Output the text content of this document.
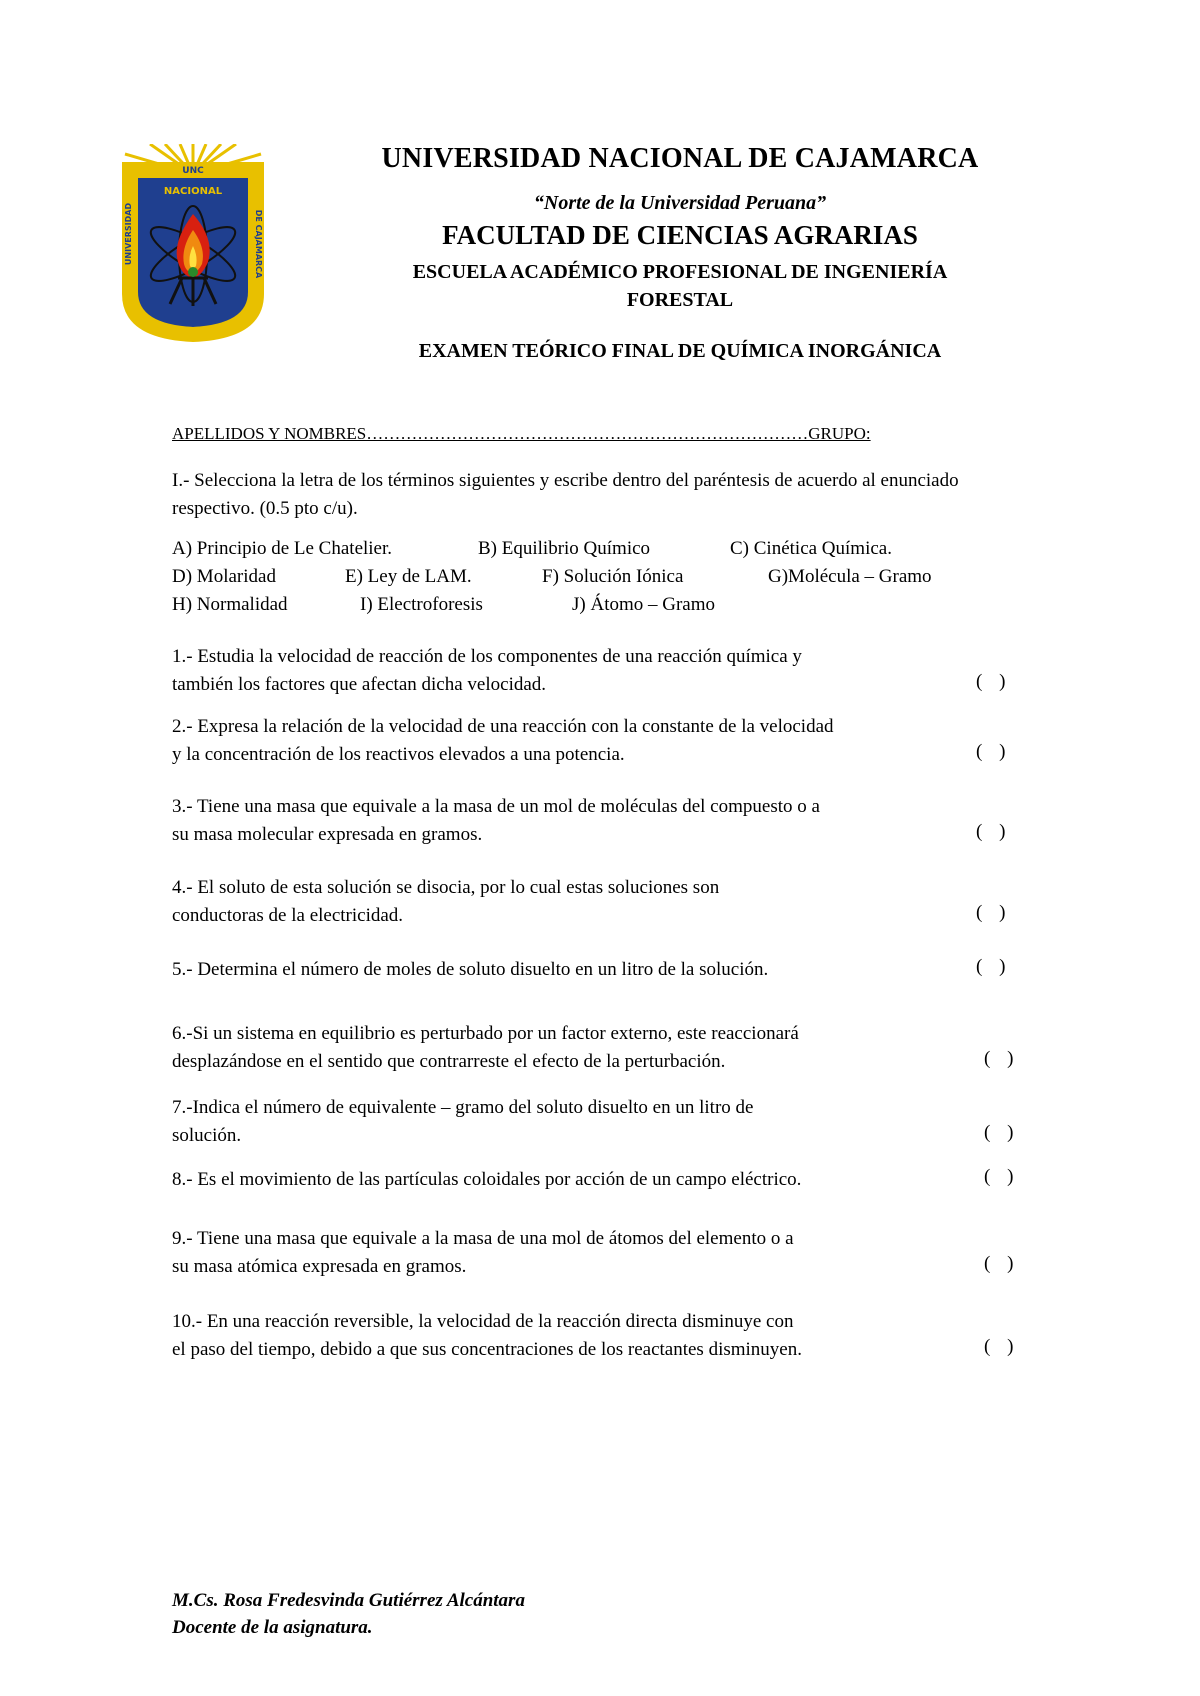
UNC
NACIONAL
UNIVERSIDAD	DE CAJAMARCA
UNIVERSIDAD NACIONAL DE CAJAMARCA
“Norte de la Universidad Peruana”
FACULTAD DE CIENCIAS AGRARIAS
ESCUELA ACADÉMICO PROFESIONAL DE INGENIERÍA
FORESTAL
EXAMEN TEÓRICO FINAL DE QUÍMICA INORGÁNICA
APELLIDOS Y NOMBRES……………………………………………………………………GRUPO:
I.- Selecciona la letra de los términos siguientes y escribe dentro del paréntesis de acuerdo al enunciado
respectivo. (0.5 pto c/u).
A) Principio de Le Chatelier.	B) Equilibrio Químico	C) Cinética Química.
D) Molaridad	E) Ley de LAM.	F) Solución Iónica	G)Molécula – Gramo
H) Normalidad	I) Electroforesis	J) Átomo – Gramo
1.- Estudia la velocidad de reacción de los componentes de una reacción química y
también los factores que afectan dicha velocidad.	( )
2.- Expresa la relación de la velocidad de una reacción con la constante de la velocidad
y la concentración de los reactivos elevados a una potencia.	( )
3.- Tiene una masa que equivale a la masa de un mol de moléculas del compuesto o a
su masa molecular expresada en gramos.	( )
4.- El soluto de esta solución se disocia, por lo cual estas soluciones son
conductoras de la electricidad.	( )
5.- Determina el número de moles de soluto disuelto en un litro de la solución.	( )
6.-Si un sistema en equilibrio es perturbado por un factor externo, este reaccionará
desplazándose en el sentido que contrarreste el efecto de la perturbación.	( )
7.-Indica el número de equivalente – gramo del soluto disuelto en un litro de
solución.	( )
8.- Es el movimiento de las partículas coloidales por acción de un campo eléctrico.	( )
9.- Tiene una masa que equivale a la masa de una mol de átomos del elemento o a
su masa atómica expresada en gramos.	( )
10.- En una reacción reversible, la velocidad de la reacción directa disminuye con
el paso del tiempo, debido a que sus concentraciones de los reactantes disminuyen.	( )
M.Cs. Rosa Fredesvinda Gutiérrez Alcántara
Docente de la asignatura.
